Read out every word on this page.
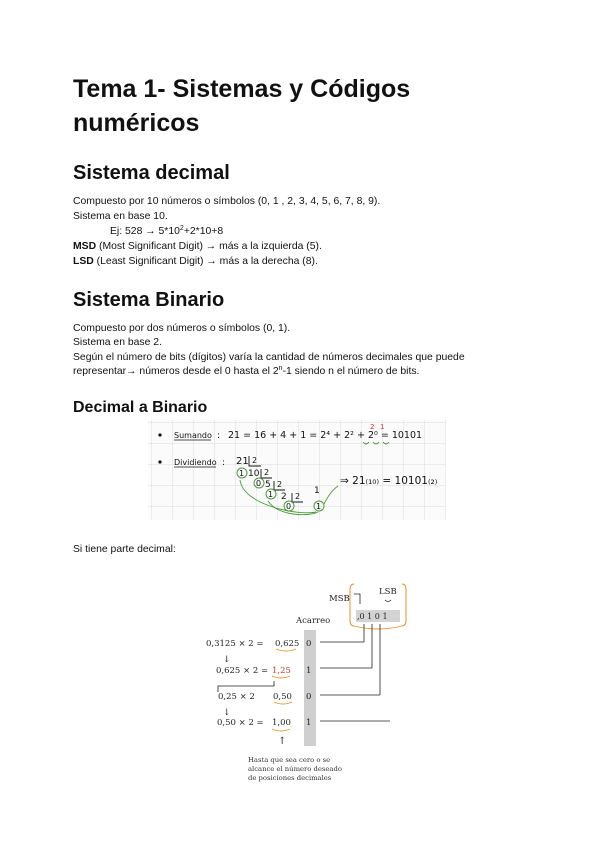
Tema 1- Sistemas y Códigos numéricos
Sistema decimal
Compuesto por 10 números o símbolos (0, 1 , 2, 3, 4, 5, 6, 7, 8, 9).
Sistema en base 10.
Ej: $528 \to 5*10^2+2*10+8$
MSD (Most Significant Digit) → más a la izquierda (5).
LSD (Least Significant Digit) → más a la derecha (8).
Sistema Binario
Compuesto por dos números o símbolos (0, 1).
Sistema en base 2.
Según el número de bits (dígitos) varía la cantidad de números decimales que puede
representar→ números desde el 0 hasta el 2$^n$-1 siendo n el número de bits.
Decimal a Binario
Sumando : 21 = 16 + 4 + 1 = 2⁴ + 2² + 2⁰ = 10101
2 1
Dividiendo : 21 2
10 2
5 2
2 2
1
1
0
1
0	1
⇒ 21₍₁₀₎ = 10101₍₂₎
Si tiene parte decimal:
MSB
LSB
,0 1 0 1
Acarreo
0,3125 × 2 = 0,625 0
↓
0,625 × 2 = 1,25 1
0,25 × 2 0,50 0
↓
0,50 × 2 = 1,00 1
↑
Hasta que sea cero o se
alcance el número deseado
de posiciones decimales
